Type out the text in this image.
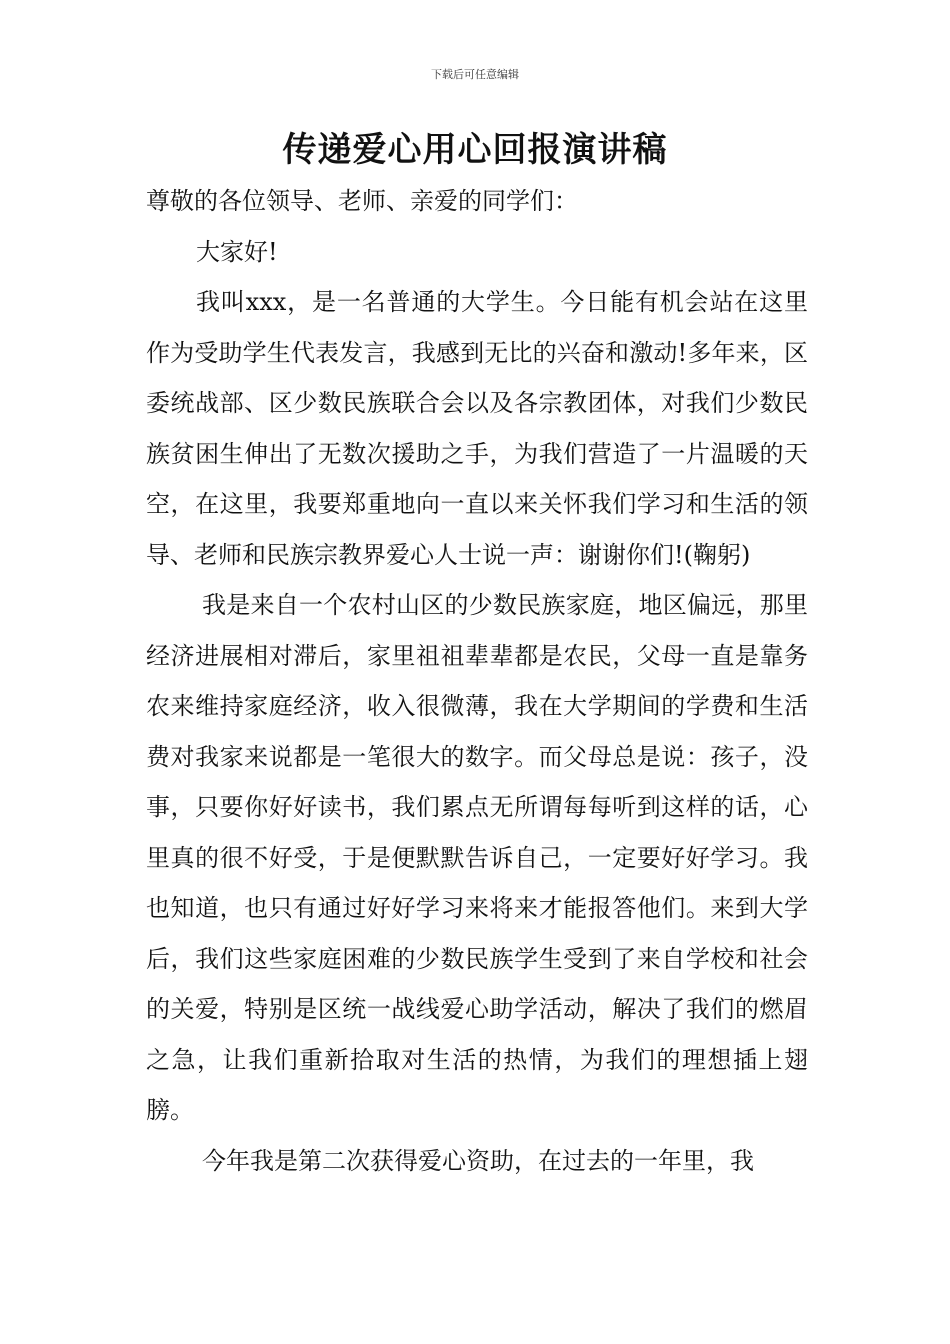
下载后可任意编辑
传递爱心用心回报演讲稿

尊敬的各位领导、老师、亲爱的同学们：

大家好!

我叫xxx，是一名普通的大学生。今日能有机会站在这里作为受助学生代表发言，我感到无比的兴奋和激动!多年来，区委统战部、区少数民族联合会以及各宗教团体，对我们少数民族贫困生伸出了无数次援助之手，为我们营造了一片温暖的天空，在这里，我要郑重地向一直以来关怀我们学习和生活的领导、老师和民族宗教界爱心人士说一声：谢谢你们!(鞠躬)

我是来自一个农村山区的少数民族家庭，地区偏远，那里经济进展相对滞后，家里祖祖辈辈都是农民，父母一直是靠务农来维持家庭经济，收入很微薄，我在大学期间的学费和生活费对我家来说都是一笔很大的数字。而父母总是说：孩子，没事，只要你好好读书，我们累点无所谓每每听到这样的话，心里真的很不好受，于是便默默告诉自己，一定要好好学习。我也知道，也只有通过好好学习来将来才能报答他们。来到大学后，我们这些家庭困难的少数民族学生受到了来自学校和社会的关爱，特别是区统一战线爱心助学活动，解决了我们的燃眉之急，让我们重新拾取对生活的热情，为我们的理想插上翅膀。

今年我是第二次获得爱心资助，在过去的一年里，我
